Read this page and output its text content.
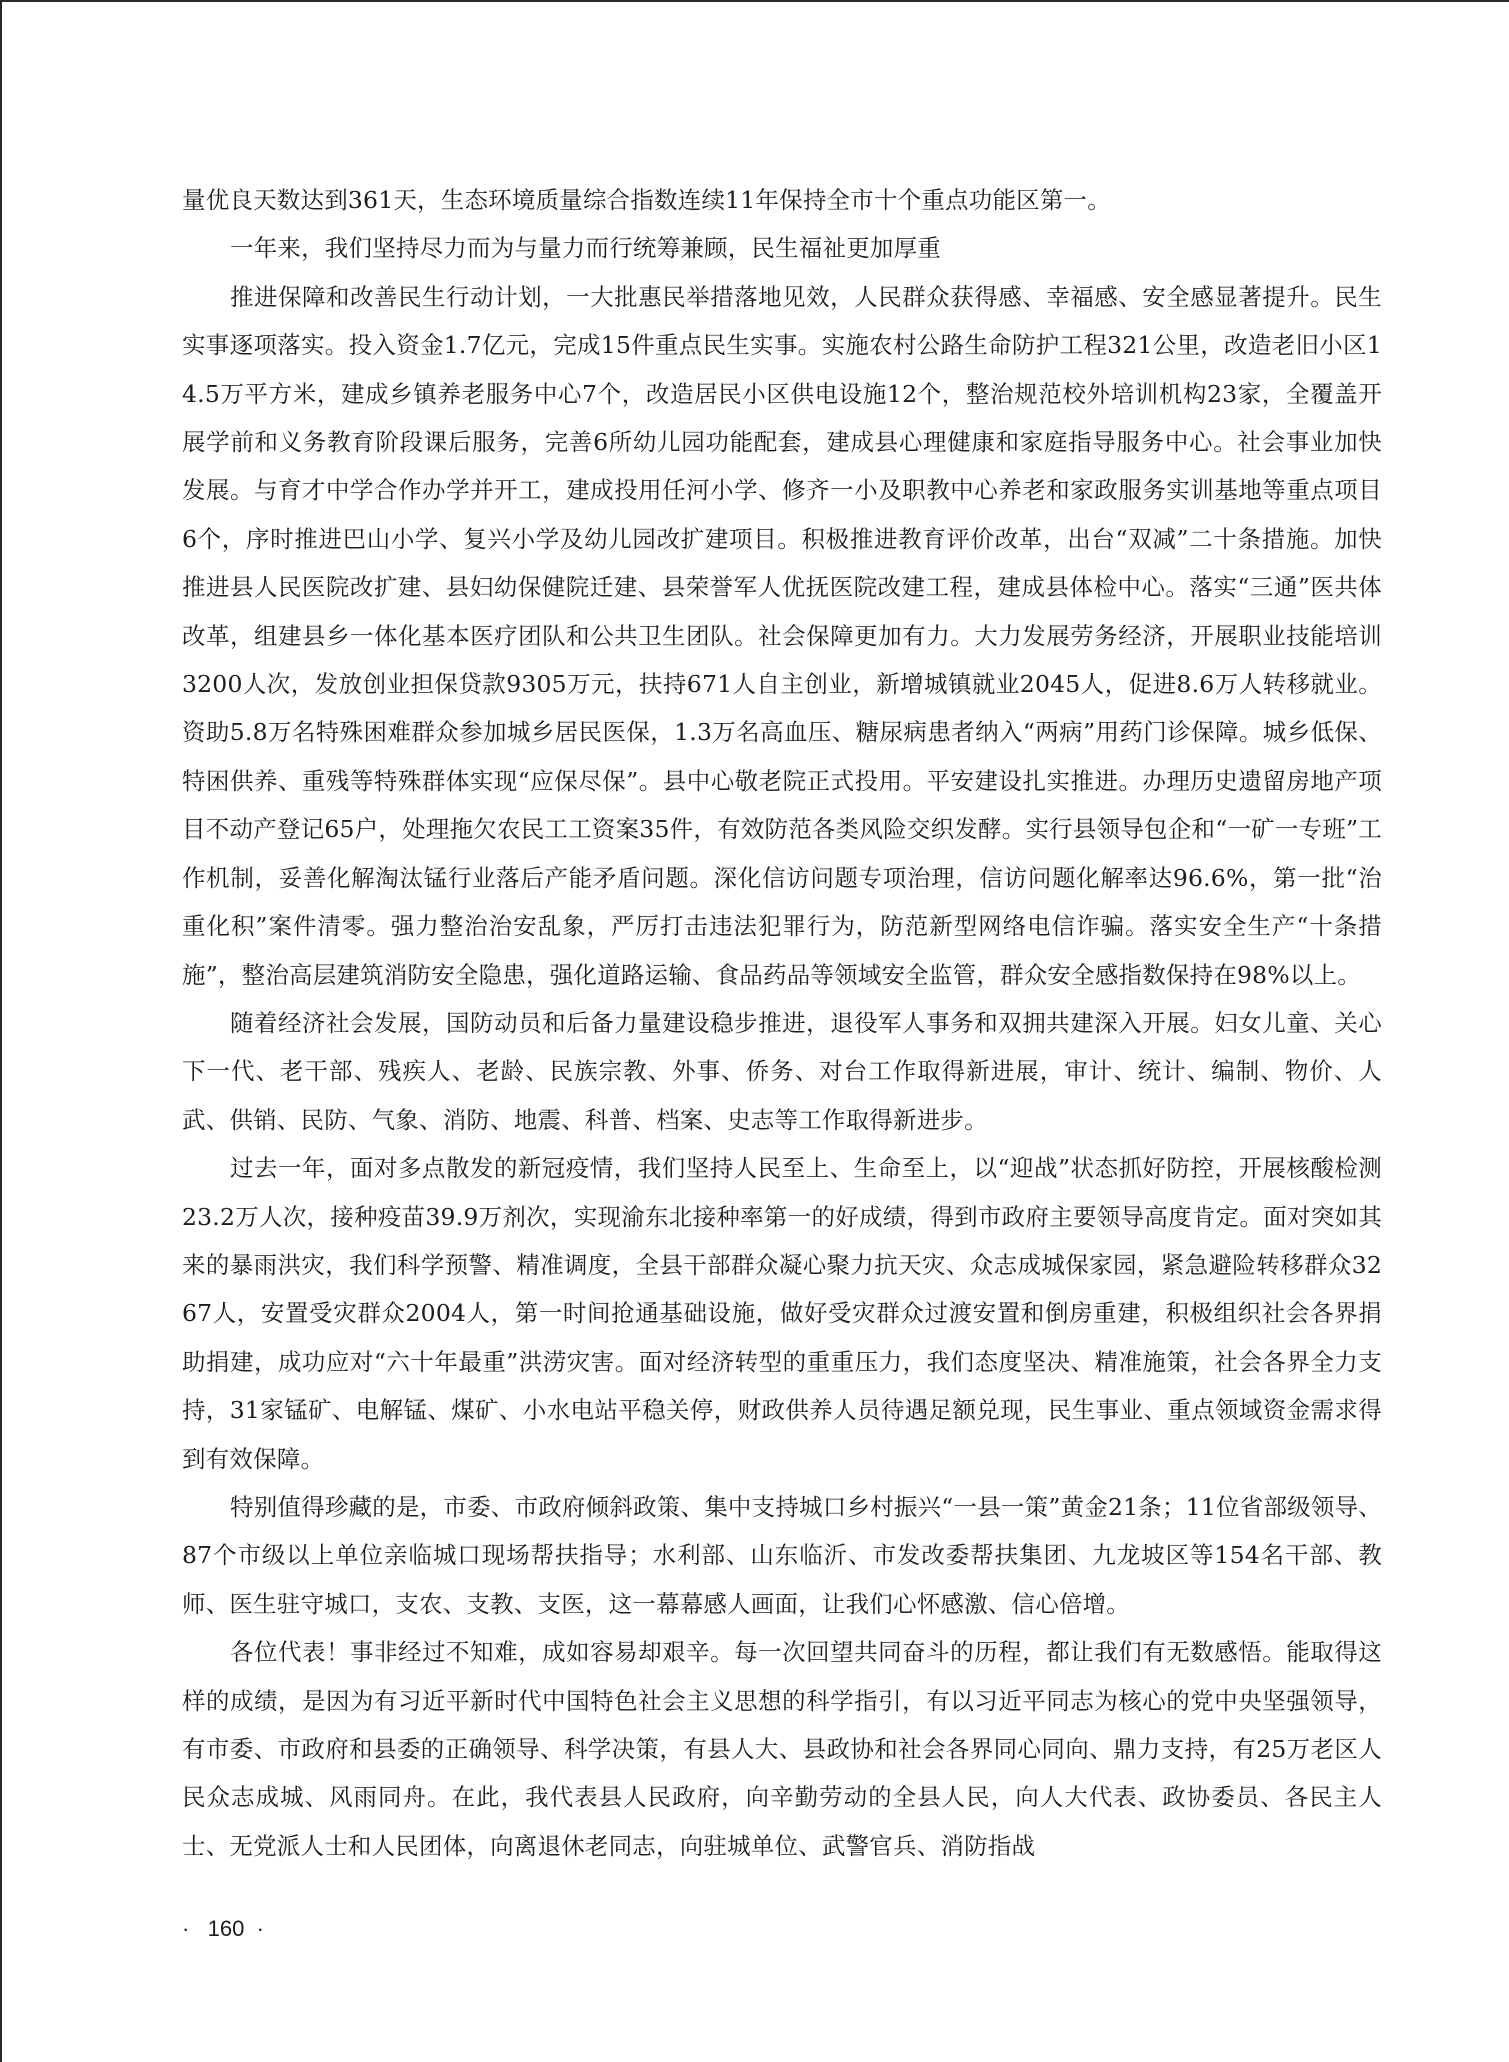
量优良天数达到361天，生态环境质量综合指数连续11年保持全市十个重点功能区第一。

一年来，我们坚持尽力而为与量力而行统筹兼顾，民生福祉更加厚重

推进保障和改善民生行动计划，一大批惠民举措落地见效，人民群众获得感、幸福感、安全感显著提升。民生实事逐项落实。投入资金1.7亿元，完成15件重点民生实事。实施农村公路生命防护工程321公里，改造老旧小区14.5万平方米，建成乡镇养老服务中心7个，改造居民小区供电设施12个，整治规范校外培训机构23家，全覆盖开展学前和义务教育阶段课后服务，完善6所幼儿园功能配套，建成县心理健康和家庭指导服务中心。社会事业加快发展。与育才中学合作办学并开工，建成投用任河小学、修齐一小及职教中心养老和家政服务实训基地等重点项目6个，序时推进巴山小学、复兴小学及幼儿园改扩建项目。积极推进教育评价改革，出台“双减”二十条措施。加快推进县人民医院改扩建、县妇幼保健院迁建、县荣誉军人优抚医院改建工程，建成县体检中心。落实“三通”医共体改革，组建县乡一体化基本医疗团队和公共卫生团队。社会保障更加有力。大力发展劳务经济，开展职业技能培训3200人次，发放创业担保贷款9305万元，扶持671人自主创业，新增城镇就业2045人，促进8.6万人转移就业。资助5.8万名特殊困难群众参加城乡居民医保，1.3万名高血压、糖尿病患者纳入“两病”用药门诊保障。城乡低保、特困供养、重残等特殊群体实现“应保尽保”。县中心敬老院正式投用。平安建设扎实推进。办理历史遗留房地产项目不动产登记65户，处理拖欠农民工工资案35件，有效防范各类风险交织发酵。实行县领导包企和“一矿一专班”工作机制，妥善化解淘汰锰行业落后产能矛盾问题。深化信访问题专项治理，信访问题化解率达96.6%，第一批“治重化积”案件清零。强力整治治安乱象，严厉打击违法犯罪行为，防范新型网络电信诈骗。落实安全生产“十条措施”，整治高层建筑消防安全隐患，强化道路运输、食品药品等领域安全监管，群众安全感指数保持在98%以上。

随着经济社会发展，国防动员和后备力量建设稳步推进，退役军人事务和双拥共建深入开展。妇女儿童、关心下一代、老干部、残疾人、老龄、民族宗教、外事、侨务、对台工作取得新进展，审计、统计、编制、物价、人武、供销、民防、气象、消防、地震、科普、档案、史志等工作取得新进步。

过去一年，面对多点散发的新冠疫情，我们坚持人民至上、生命至上，以“迎战”状态抓好防控，开展核酸检测23.2万人次，接种疫苗39.9万剂次，实现渝东北接种率第一的好成绩，得到市政府主要领导高度肯定。面对突如其来的暴雨洪灾，我们科学预警、精准调度，全县干部群众凝心聚力抗天灾、众志成城保家园，紧急避险转移群众3267人，安置受灾群众2004人，第一时间抢通基础设施，做好受灾群众过渡安置和倒房重建，积极组织社会各界捐助捐建，成功应对“六十年最重”洪涝灾害。面对经济转型的重重压力，我们态度坚决、精准施策，社会各界全力支持，31家锰矿、电解锰、煤矿、小水电站平稳关停，财政供养人员待遇足额兑现，民生事业、重点领域资金需求得到有效保障。

特别值得珍藏的是，市委、市政府倾斜政策、集中支持城口乡村振兴“一县一策”黄金21条；11位省部级领导、87个市级以上单位亲临城口现场帮扶指导；水利部、山东临沂、市发改委帮扶集团、九龙坡区等154名干部、教师、医生驻守城口，支农、支教、支医，这一幕幕感人画面，让我们心怀感激、信心倍增。

各位代表！事非经过不知难，成如容易却艰辛。每一次回望共同奋斗的历程，都让我们有无数感悟。能取得这样的成绩，是因为有习近平新时代中国特色社会主义思想的科学指引，有以习近平同志为核心的党中央坚强领导，有市委、市政府和县委的正确领导、科学决策，有县人大、县政协和社会各界同心同向、鼎力支持，有25万老区人民众志成城、风雨同舟。在此，我代表县人民政府，向辛勤劳动的全县人民，向人大代表、政协委员、各民主人士、无党派人士和人民团体，向离退休老同志，向驻城单位、武警官兵、消防指战

·   160  ·
